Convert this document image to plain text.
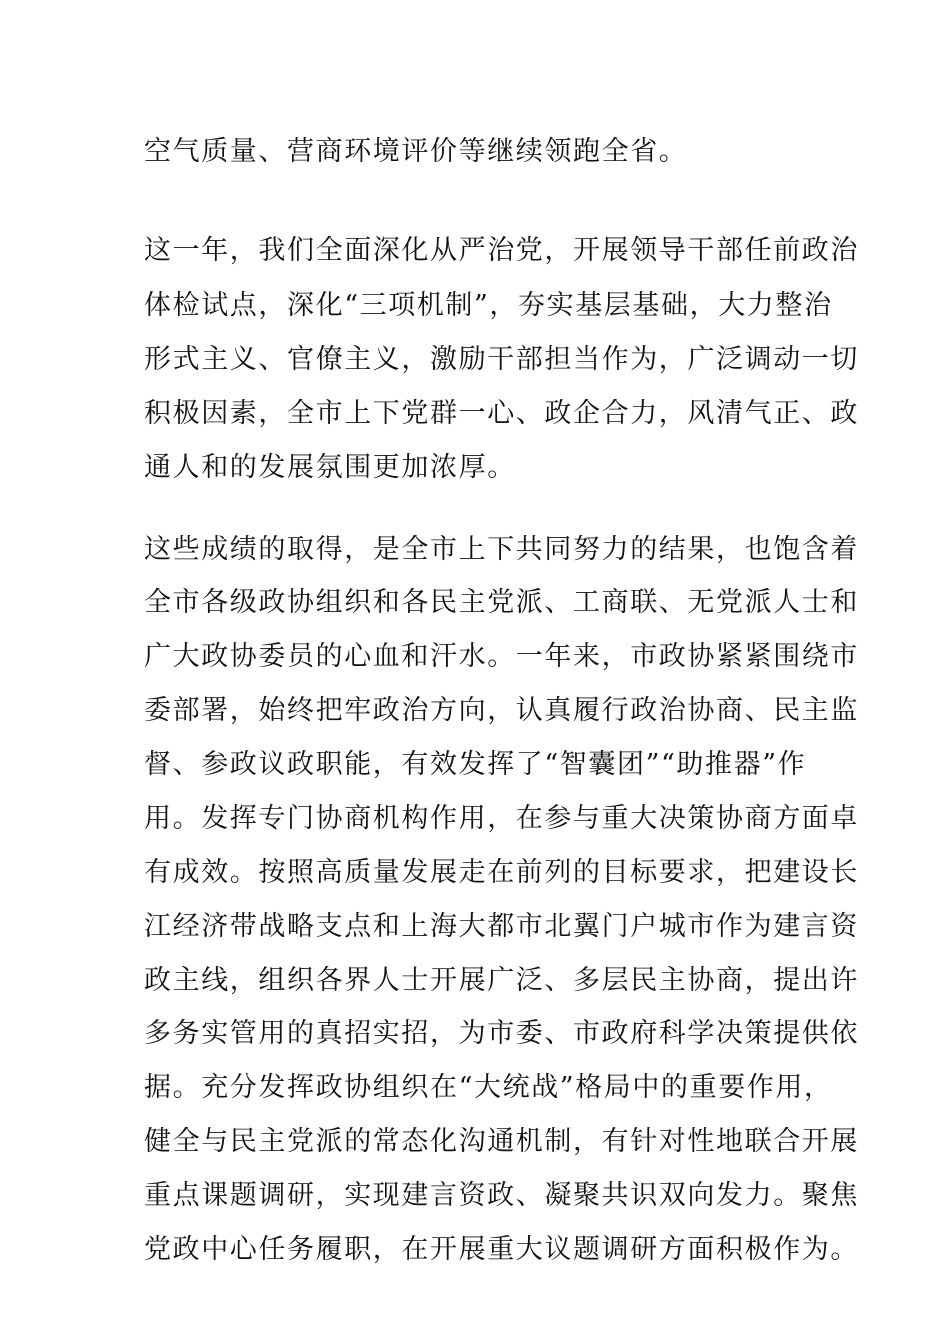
空气质量、营商环境评价等继续领跑全省。

这一年，我们全面深化从严治党，开展领导干部任前政治

体检试点，深化“三项机制”，夯实基层基础，大力整治

形式主义、官僚主义，激励干部担当作为，广泛调动一切

积极因素，全市上下党群一心、政企合力，风清气正、政

通人和的发展氛围更加浓厚。

这些成绩的取得，是全市上下共同努力的结果，也饱含着

全市各级政协组织和各民主党派、工商联、无党派人士和

广大政协委员的心血和汗水。一年来，市政协紧紧围绕市

委部署，始终把牢政治方向，认真履行政治协商、民主监

督、参政议政职能，有效发挥了“智囊团”“助推器”作

用。发挥专门协商机构作用，在参与重大决策协商方面卓

有成效。按照高质量发展走在前列的目标要求，把建设长

江经济带战略支点和上海大都市北翼门户城市作为建言资

政主线，组织各界人士开展广泛、多层民主协商，提出许

多务实管用的真招实招，为市委、市政府科学决策提供依

据。充分发挥政协组织在“大统战”格局中的重要作用，

健全与民主党派的常态化沟通机制，有针对性地联合开展

重点课题调研，实现建言资政、凝聚共识双向发力。聚焦

党政中心任务履职，在开展重大议题调研方面积极作为。
